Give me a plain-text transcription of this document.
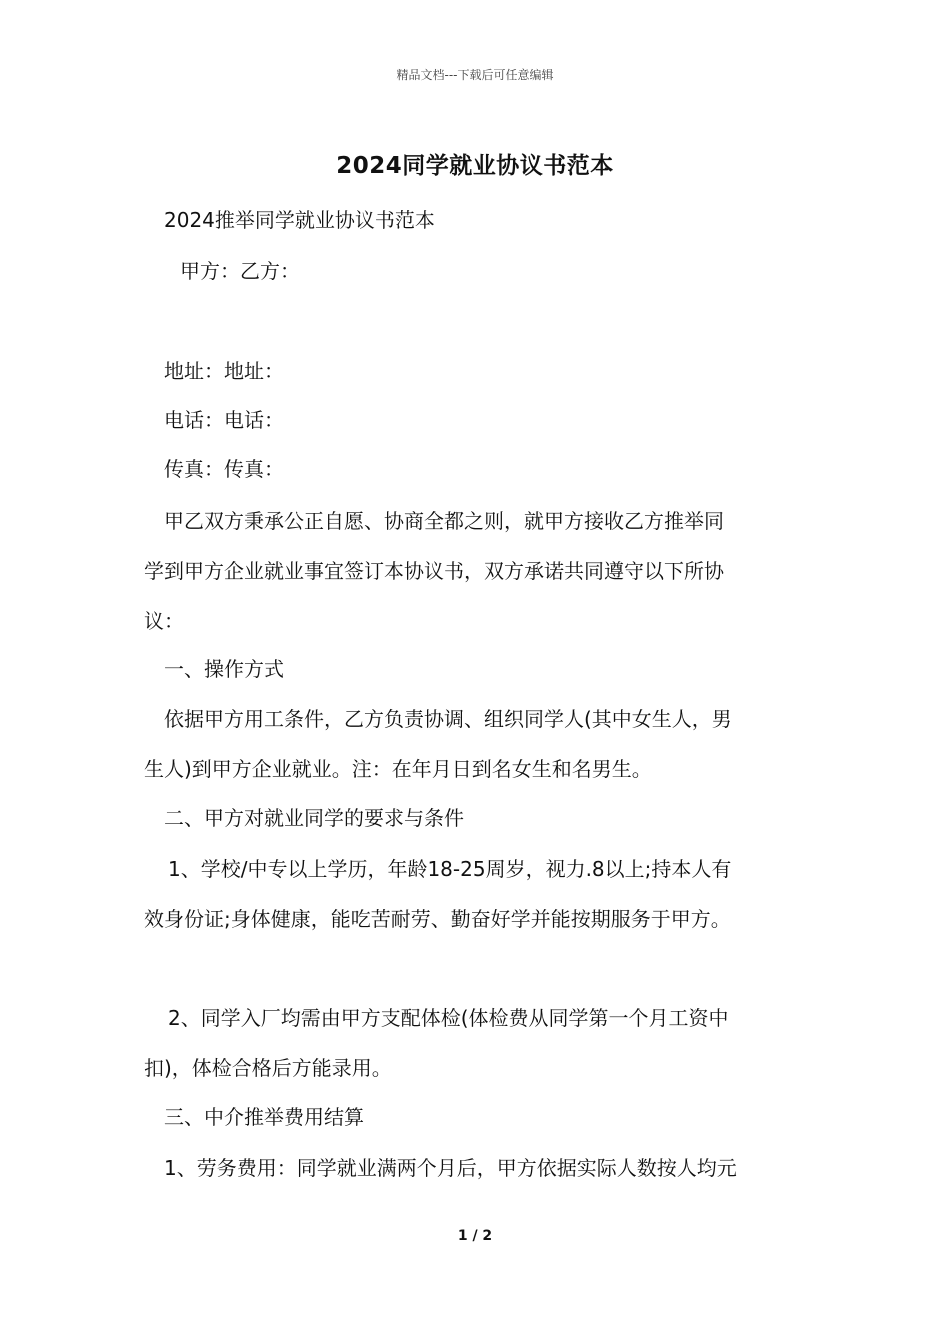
精品文档---下载后可任意编辑
2024同学就业协议书范本
2024推举同学就业协议书范本
甲方：乙方：
地址：地址：
电话：电话：
传真：传真：
甲乙双方秉承公正自愿、协商全都之则，就甲方接收乙方推举同
学到甲方企业就业事宜签订本协议书，双方承诺共同遵守以下所协
议：
一、操作方式
依据甲方用工条件，乙方负责协调、组织同学人(其中女生人，男
生人)到甲方企业就业。注：在年月日到名女生和名男生。
二、甲方对就业同学的要求与条件
1、学校/中专以上学历，年龄18-25周岁，视力.8以上;持本人有
效身份证;身体健康，能吃苦耐劳、勤奋好学并能按期服务于甲方。
2、同学入厂均需由甲方支配体检(体检费从同学第一个月工资中
扣)，体检合格后方能录用。
三、中介推举费用结算
1、劳务费用：同学就业满两个月后，甲方依据实际人数按人均元
1 / 2
